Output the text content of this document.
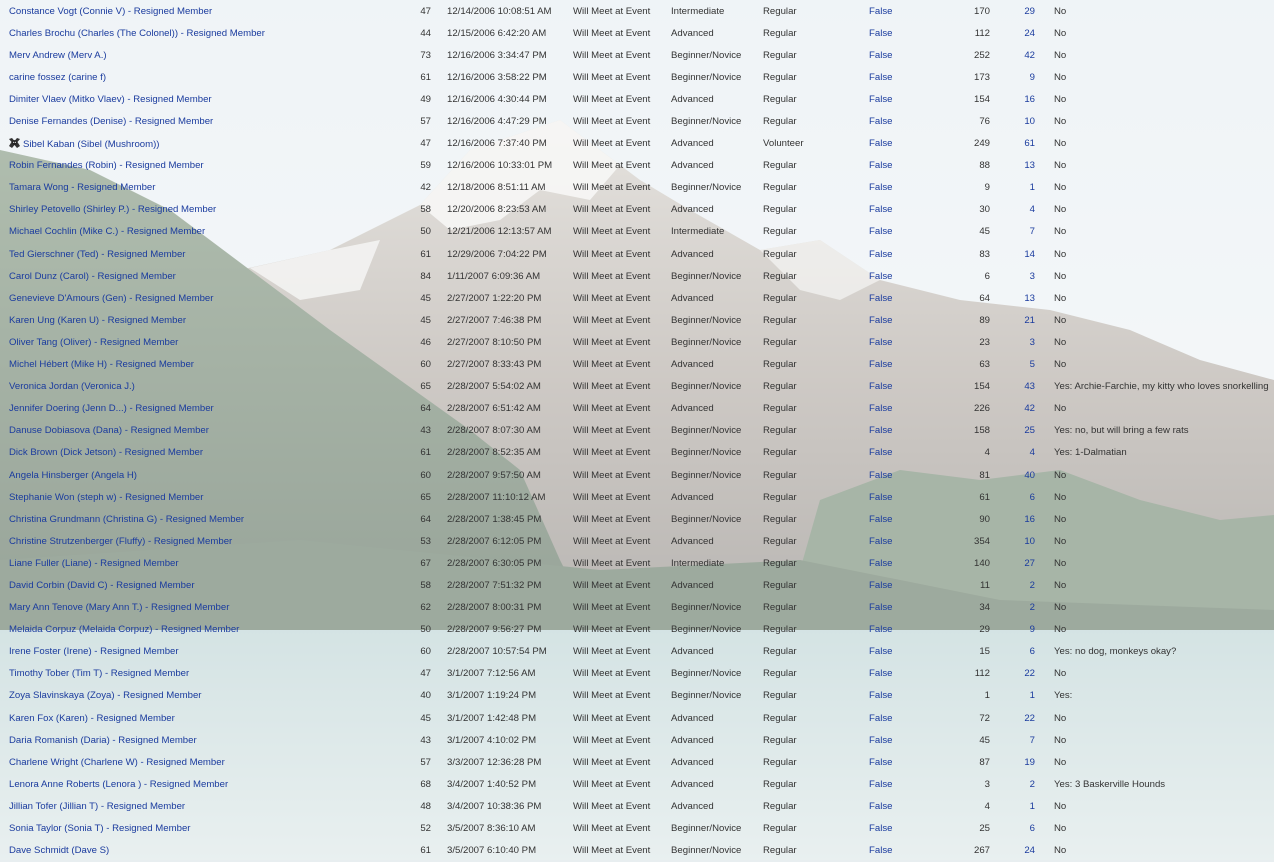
Constance Vogt (Connie V) - Resigned Member	47	12/14/2006 10:08:51 AM	Will Meet at Event	Intermediate	Regular	False	170	29	No
Charles Brochu (Charles (The Colonel)) - Resigned Member	44	12/15/2006 6:42:20 AM	Will Meet at Event	Advanced	Regular	False	112	24	No
Merv Andrew (Merv A.)	73	12/16/2006 3:34:47 PM	Will Meet at Event	Beginner/Novice	Regular	False	252	42	No
carine fossez (carine f)	61	12/16/2006 3:58:22 PM	Will Meet at Event	Beginner/Novice	Regular	False	173	9	No
Dimiter Vlaev (Mitko Vlaev) - Resigned Member	49	12/16/2006 4:30:44 PM	Will Meet at Event	Advanced	Regular	False	154	16	No
Denise Fernandes (Denise) - Resigned Member	57	12/16/2006 4:47:29 PM	Will Meet at Event	Beginner/Novice	Regular	False	76	10	No
Sibel Kaban (Sibel (Mushroom))	47	12/16/2006 7:37:40 PM	Will Meet at Event	Advanced	Volunteer	False	249	61	No
Robin Fernandes (Robin) - Resigned Member	59	12/16/2006 10:33:01 PM	Will Meet at Event	Advanced	Regular	False	88	13	No
Tamara Wong - Resigned Member	42	12/18/2006 8:51:11 AM	Will Meet at Event	Beginner/Novice	Regular	False	9	1	No
Shirley Petovello (Shirley P.) - Resigned Member	58	12/20/2006 8:23:53 AM	Will Meet at Event	Advanced	Regular	False	30	4	No
Michael Cochlin (Mike C.) - Resigned Member	50	12/21/2006 12:13:57 AM	Will Meet at Event	Intermediate	Regular	False	45	7	No
Ted Gierschner (Ted) - Resigned Member	61	12/29/2006 7:04:22 PM	Will Meet at Event	Advanced	Regular	False	83	14	No
Carol Dunz (Carol) - Resigned Member	84	1/11/2007 6:09:36 AM	Will Meet at Event	Beginner/Novice	Regular	False	6	3	No
Genevieve D'Amours (Gen) - Resigned Member	45	2/27/2007 1:22:20 PM	Will Meet at Event	Advanced	Regular	False	64	13	No
Karen Ung (Karen U) - Resigned Member	45	2/27/2007 7:46:38 PM	Will Meet at Event	Beginner/Novice	Regular	False	89	21	No
Oliver Tang (Oliver) - Resigned Member	46	2/27/2007 8:10:50 PM	Will Meet at Event	Beginner/Novice	Regular	False	23	3	No
Michel Hébert (Mike H) - Resigned Member	60	2/27/2007 8:33:43 PM	Will Meet at Event	Advanced	Regular	False	63	5	No
Veronica Jordan (Veronica J.)	65	2/28/2007 5:54:02 AM	Will Meet at Event	Beginner/Novice	Regular	False	154	43	Yes: Archie-Farchie, my kitty who loves snorkelling
Jennifer Doering (Jenn D...) - Resigned Member	64	2/28/2007 6:51:42 AM	Will Meet at Event	Advanced	Regular	False	226	42	No
Danuse Dobiasova (Dana) - Resigned Member	43	2/28/2007 8:07:30 AM	Will Meet at Event	Beginner/Novice	Regular	False	158	25	Yes: no, but will bring a few rats
Dick Brown (Dick Jetson) - Resigned Member	61	2/28/2007 8:52:35 AM	Will Meet at Event	Beginner/Novice	Regular	False	4	4	Yes: 1-Dalmatian
Angela Hinsberger (Angela H)	60	2/28/2007 9:57:50 AM	Will Meet at Event	Beginner/Novice	Regular	False	81	40	No
Stephanie Won (steph w) - Resigned Member	65	2/28/2007 11:10:12 AM	Will Meet at Event	Advanced	Regular	False	61	6	No
Christina Grundmann (Christina G) - Resigned Member	64	2/28/2007 1:38:45 PM	Will Meet at Event	Beginner/Novice	Regular	False	90	16	No
Christine Strutzenberger (Fluffy) - Resigned Member	53	2/28/2007 6:12:05 PM	Will Meet at Event	Advanced	Regular	False	354	10	No
Liane Fuller (Liane) - Resigned Member	67	2/28/2007 6:30:05 PM	Will Meet at Event	Intermediate	Regular	False	140	27	No
David Corbin (David C) - Resigned Member	58	2/28/2007 7:51:32 PM	Will Meet at Event	Advanced	Regular	False	11	2	No
Mary Ann Tenove (Mary Ann T.) - Resigned Member	62	2/28/2007 8:00:31 PM	Will Meet at Event	Beginner/Novice	Regular	False	34	2	No
Melaida Corpuz (Melaida Corpuz) - Resigned Member	50	2/28/2007 9:56:27 PM	Will Meet at Event	Beginner/Novice	Regular	False	29	9	No
Irene Foster (Irene) - Resigned Member	60	2/28/2007 10:57:54 PM	Will Meet at Event	Advanced	Regular	False	15	6	Yes: no dog, monkeys okay?
Timothy Tober (Tim T) - Resigned Member	47	3/1/2007 7:12:56 AM	Will Meet at Event	Beginner/Novice	Regular	False	112	22	No
Zoya Slavinskaya (Zoya) - Resigned Member	40	3/1/2007 1:19:24 PM	Will Meet at Event	Beginner/Novice	Regular	False	1	1	Yes:
Karen Fox (Karen) - Resigned Member	45	3/1/2007 1:42:48 PM	Will Meet at Event	Advanced	Regular	False	72	22	No
Daria Romanish (Daria) - Resigned Member	43	3/1/2007 4:10:02 PM	Will Meet at Event	Advanced	Regular	False	45	7	No
Charlene Wright (Charlene W) - Resigned Member	57	3/3/2007 12:36:28 PM	Will Meet at Event	Advanced	Regular	False	87	19	No
Lenora Anne Roberts (Lenora ) - Resigned Member	68	3/4/2007 1:40:52 PM	Will Meet at Event	Advanced	Regular	False	3	2	Yes: 3 Baskerville Hounds
Jillian Tofer (Jillian T) - Resigned Member	48	3/4/2007 10:38:36 PM	Will Meet at Event	Advanced	Regular	False	4	1	No
Sonia Taylor (Sonia T) - Resigned Member	52	3/5/2007 8:36:10 AM	Will Meet at Event	Beginner/Novice	Regular	False	25	6	No
Dave Schmidt (Dave S)	61	3/5/2007 6:10:40 PM	Will Meet at Event	Beginner/Novice	Regular	False	267	24	No
